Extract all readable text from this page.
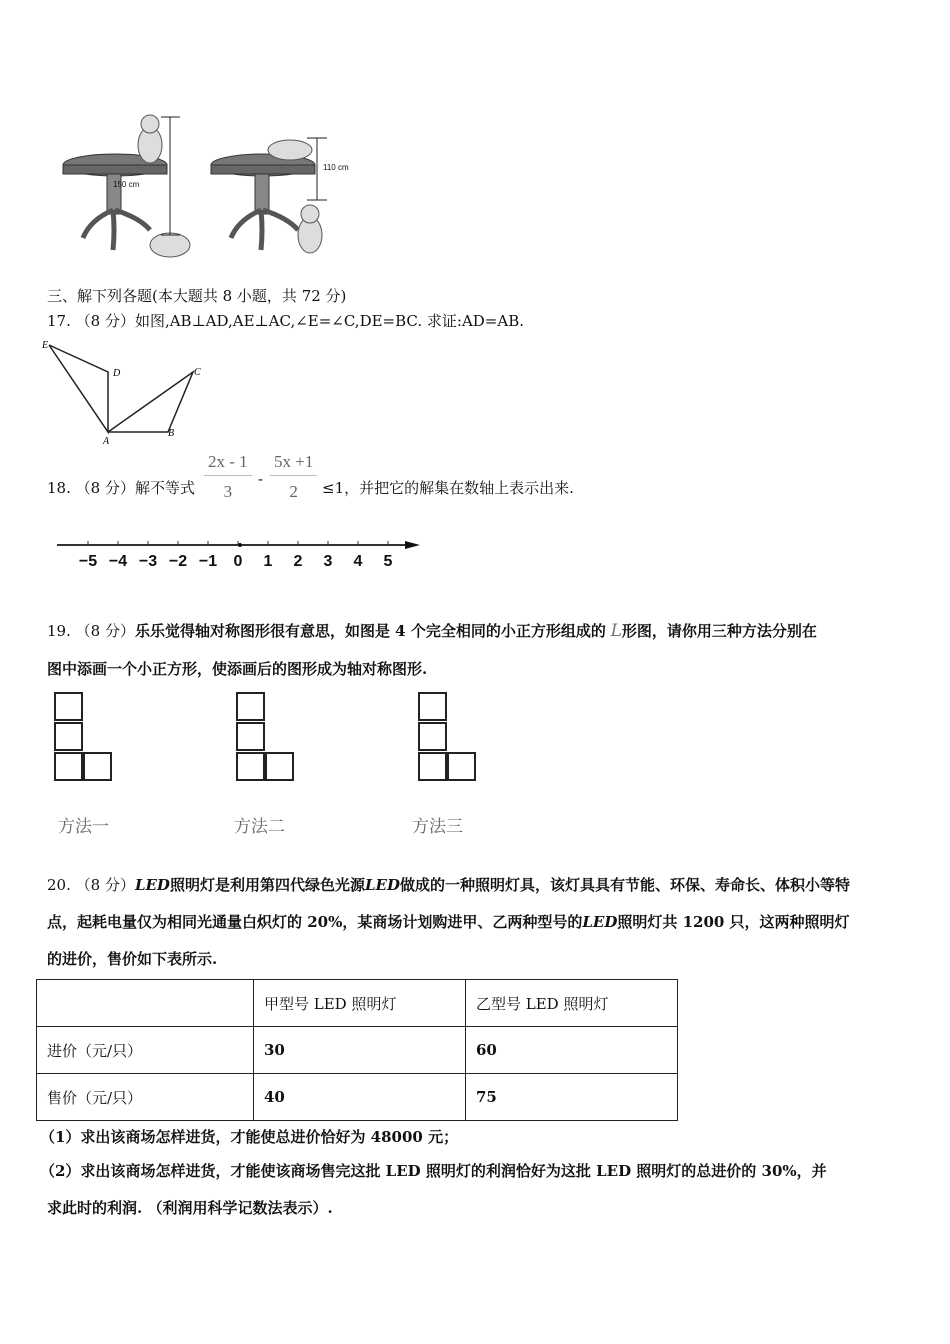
150 cm
110 cm
三、解下列各题(本大题共 8 小题，共 72 分)
17. （8 分）如图,AB⊥AD,AE⊥AC,∠E=∠C,DE=BC. 求证:AD=AB.
E
D	C
A
B
18. （8 分）解不等式 $\frac{2x - 1}{3} - \frac{5x +1}{2} \le 1$，并把它的解集在数轴上表示出来.
−5 −4 −3 −2 −1 0 1 2 3 4 5
19. （8 分）乐乐觉得轴对称图形很有意思，如图是 4 个完全相同的小正方形组成的 L形图，请你用三种方法分别在
图中添画一个小正方形，使添画后的图形成为轴对称图形.
方法一	方法二	方法三
20. （8 分）LED照明灯是利用第四代绿色光源LED做成的一种照明灯具，该灯具具有节能、环保、寿命长、体积小等特
点，起耗电量仅为相同光通量白炽灯的 20%，某商场计划购进甲、乙两种型号的LED照明灯共 1200 只，这两种照明灯
的进价，售价如下表所示.
	甲型号 LED 照明灯	乙型号 LED 照明灯
进价（元/只）	30	60
售价（元/只）	40	75
（1）求出该商场怎样进货，才能使总进价恰好为 48000 元；
（2）求出该商场怎样进货，才能使该商场售完这批 LED 照明灯的利润恰好为这批 LED 照明灯的总进价的 30%，并
求此时的利润. （利润用科学记数法表示）.
